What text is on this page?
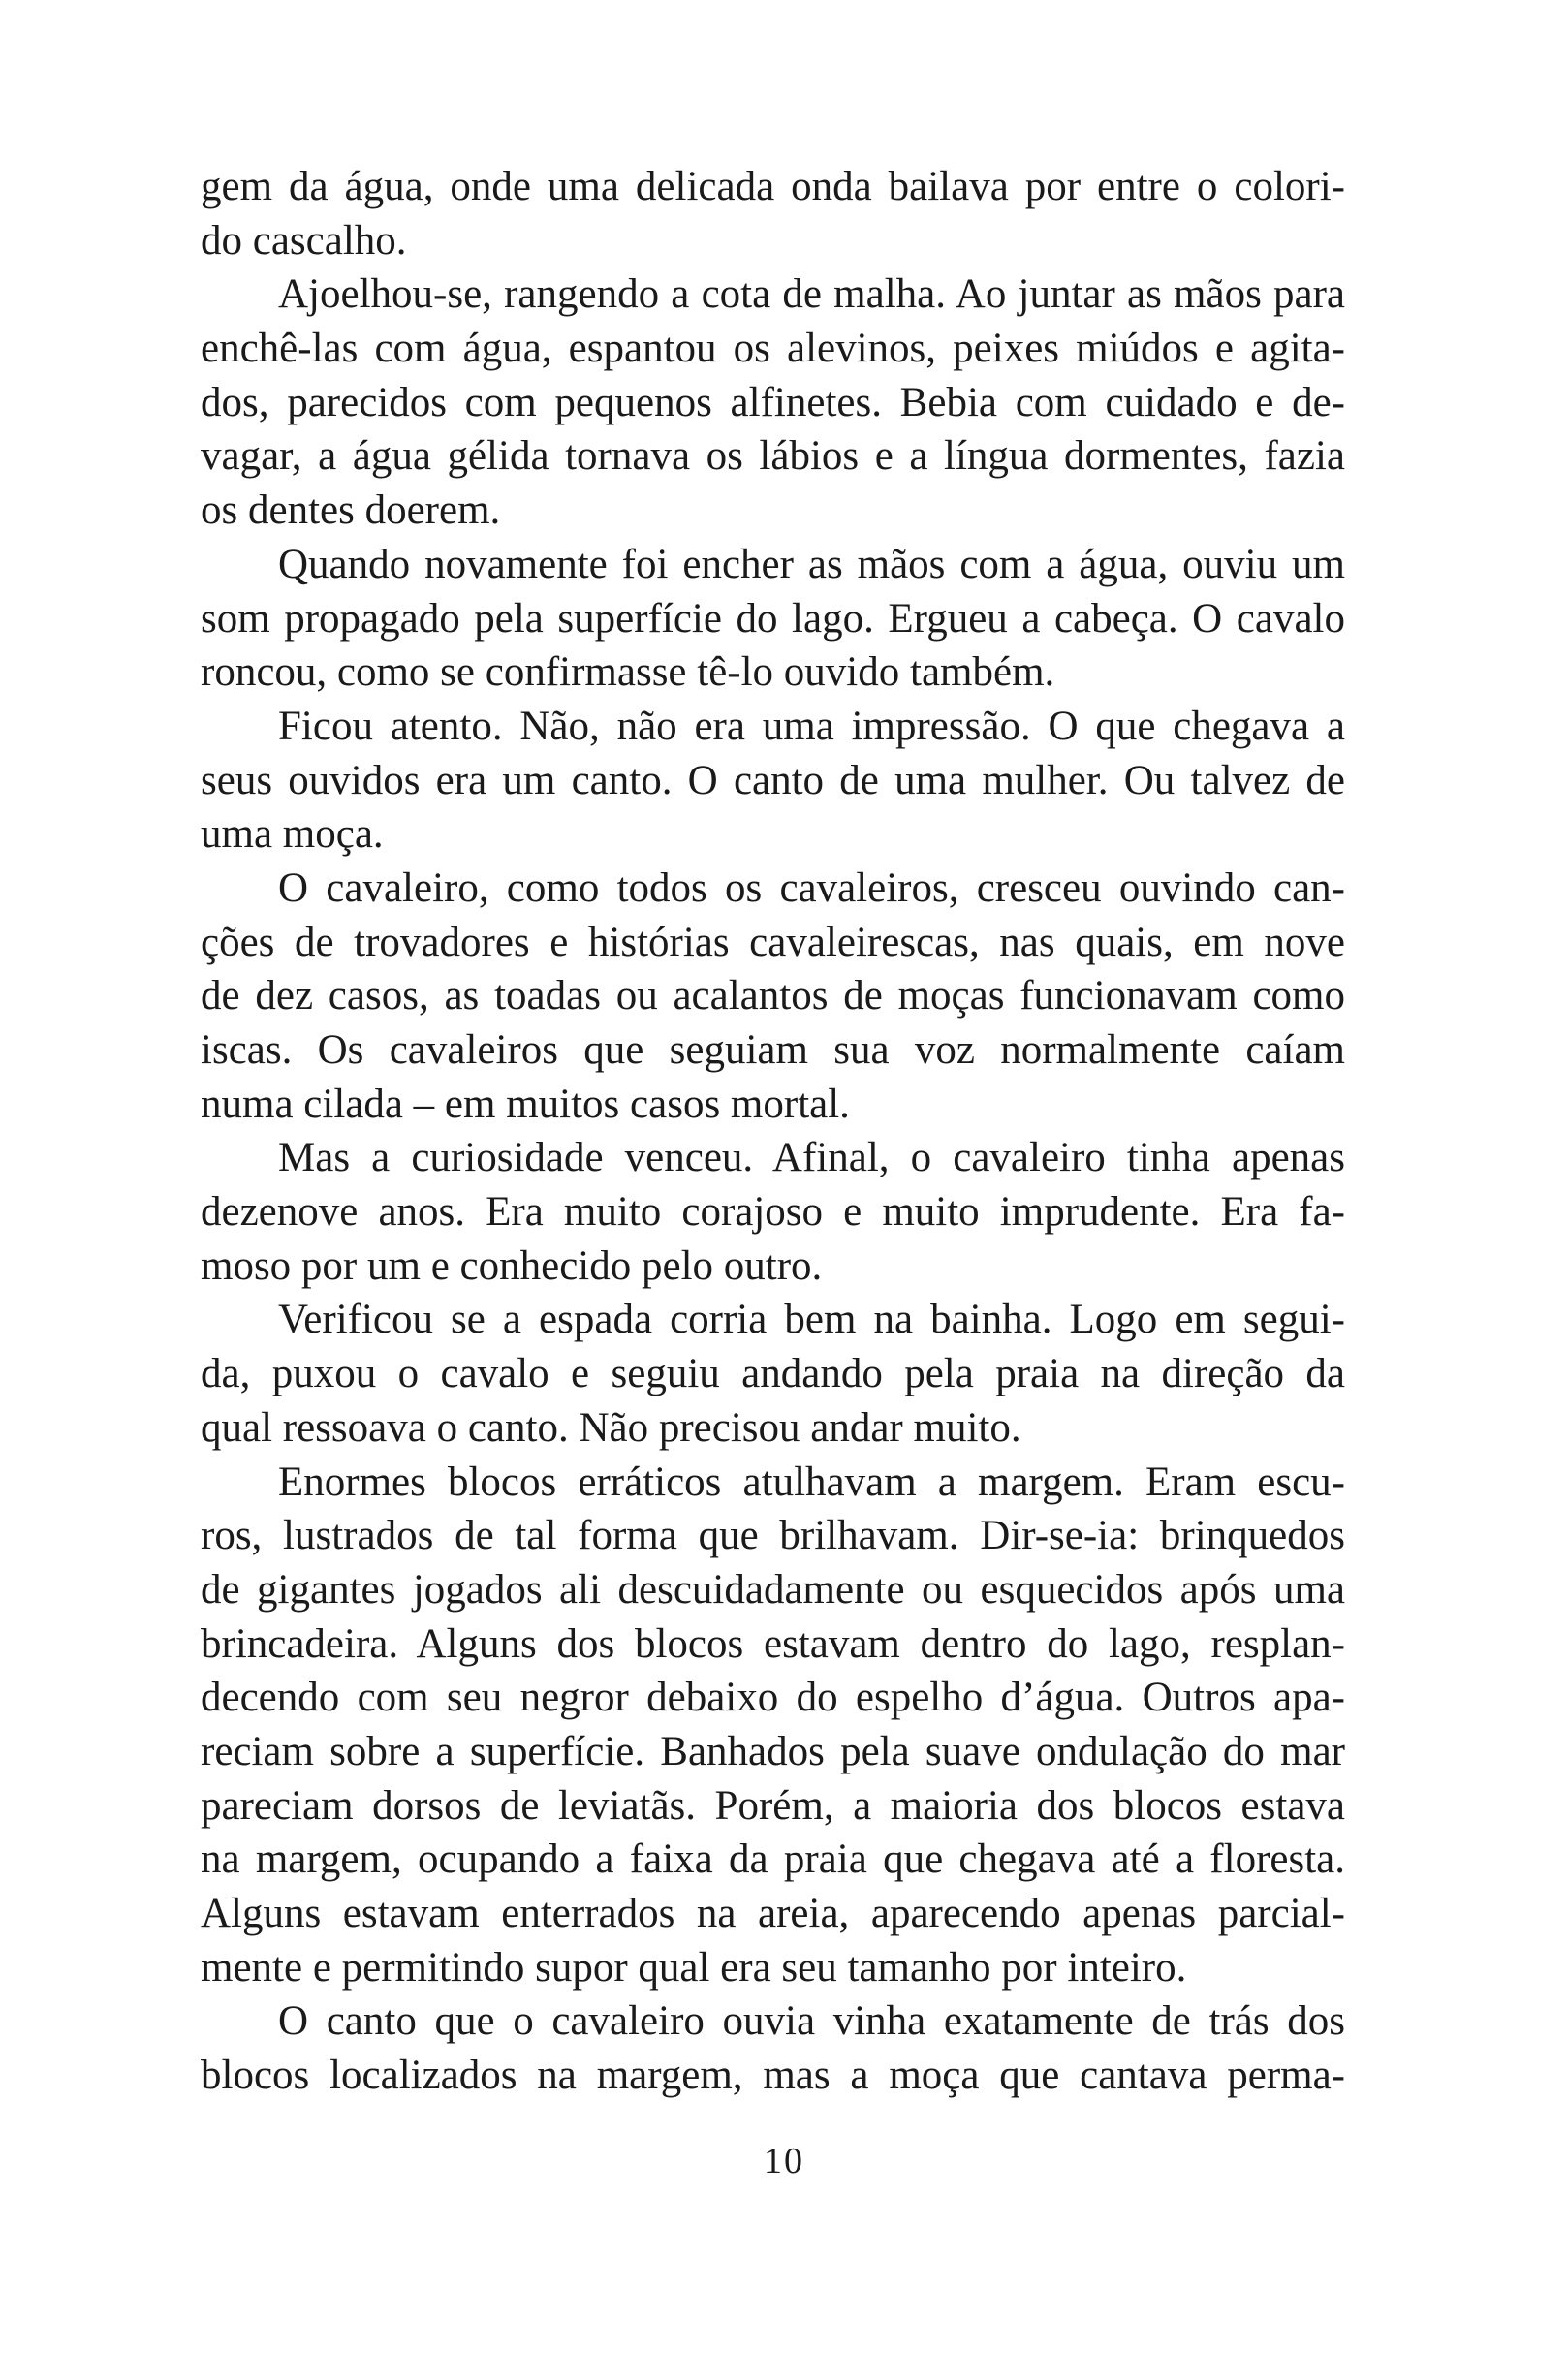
gem da água, onde uma delicada onda bailava por entre o colori-
do cascalho.
Ajoelhou-se, rangendo a cota de malha. Ao juntar as mãos para
enchê-las com água, espantou os alevinos, peixes miúdos e agita-
dos, parecidos com pequenos alfinetes. Bebia com cuidado e de-
vagar, a água gélida tornava os lábios e a língua dormentes, fazia
os dentes doerem.
Quando novamente foi encher as mãos com a água, ouviu um
som propagado pela superfície do lago. Ergueu a cabeça. O cavalo
roncou, como se confirmasse tê-lo ouvido também.
Ficou atento. Não, não era uma impressão. O que chegava a
seus ouvidos era um canto. O canto de uma mulher. Ou talvez de
uma moça.
O cavaleiro, como todos os cavaleiros, cresceu ouvindo can-
ções de trovadores e histórias cavaleirescas, nas quais, em nove
de dez casos, as toadas ou acalantos de moças funcionavam como
iscas. Os cavaleiros que seguiam sua voz normalmente caíam
numa cilada – em muitos casos mortal.
Mas a curiosidade venceu. Afinal, o cavaleiro tinha apenas
dezenove anos. Era muito corajoso e muito imprudente. Era fa-
moso por um e conhecido pelo outro.
Verificou se a espada corria bem na bainha. Logo em segui-
da, puxou o cavalo e seguiu andando pela praia na direção da
qual ressoava o canto. Não precisou andar muito.
Enormes blocos erráticos atulhavam a margem. Eram escu-
ros, lustrados de tal forma que brilhavam. Dir-se-ia: brinquedos
de gigantes jogados ali descuidadamente ou esquecidos após uma
brincadeira. Alguns dos blocos estavam dentro do lago, resplan-
decendo com seu negror debaixo do espelho d’água. Outros apa-
reciam sobre a superfície. Banhados pela suave ondulação do mar
pareciam dorsos de leviatãs. Porém, a maioria dos blocos estava
na margem, ocupando a faixa da praia que chegava até a floresta.
Alguns estavam enterrados na areia, aparecendo apenas parcial-
mente e permitindo supor qual era seu tamanho por inteiro.
O canto que o cavaleiro ouvia vinha exatamente de trás dos
blocos localizados na margem, mas a moça que cantava perma-
10
